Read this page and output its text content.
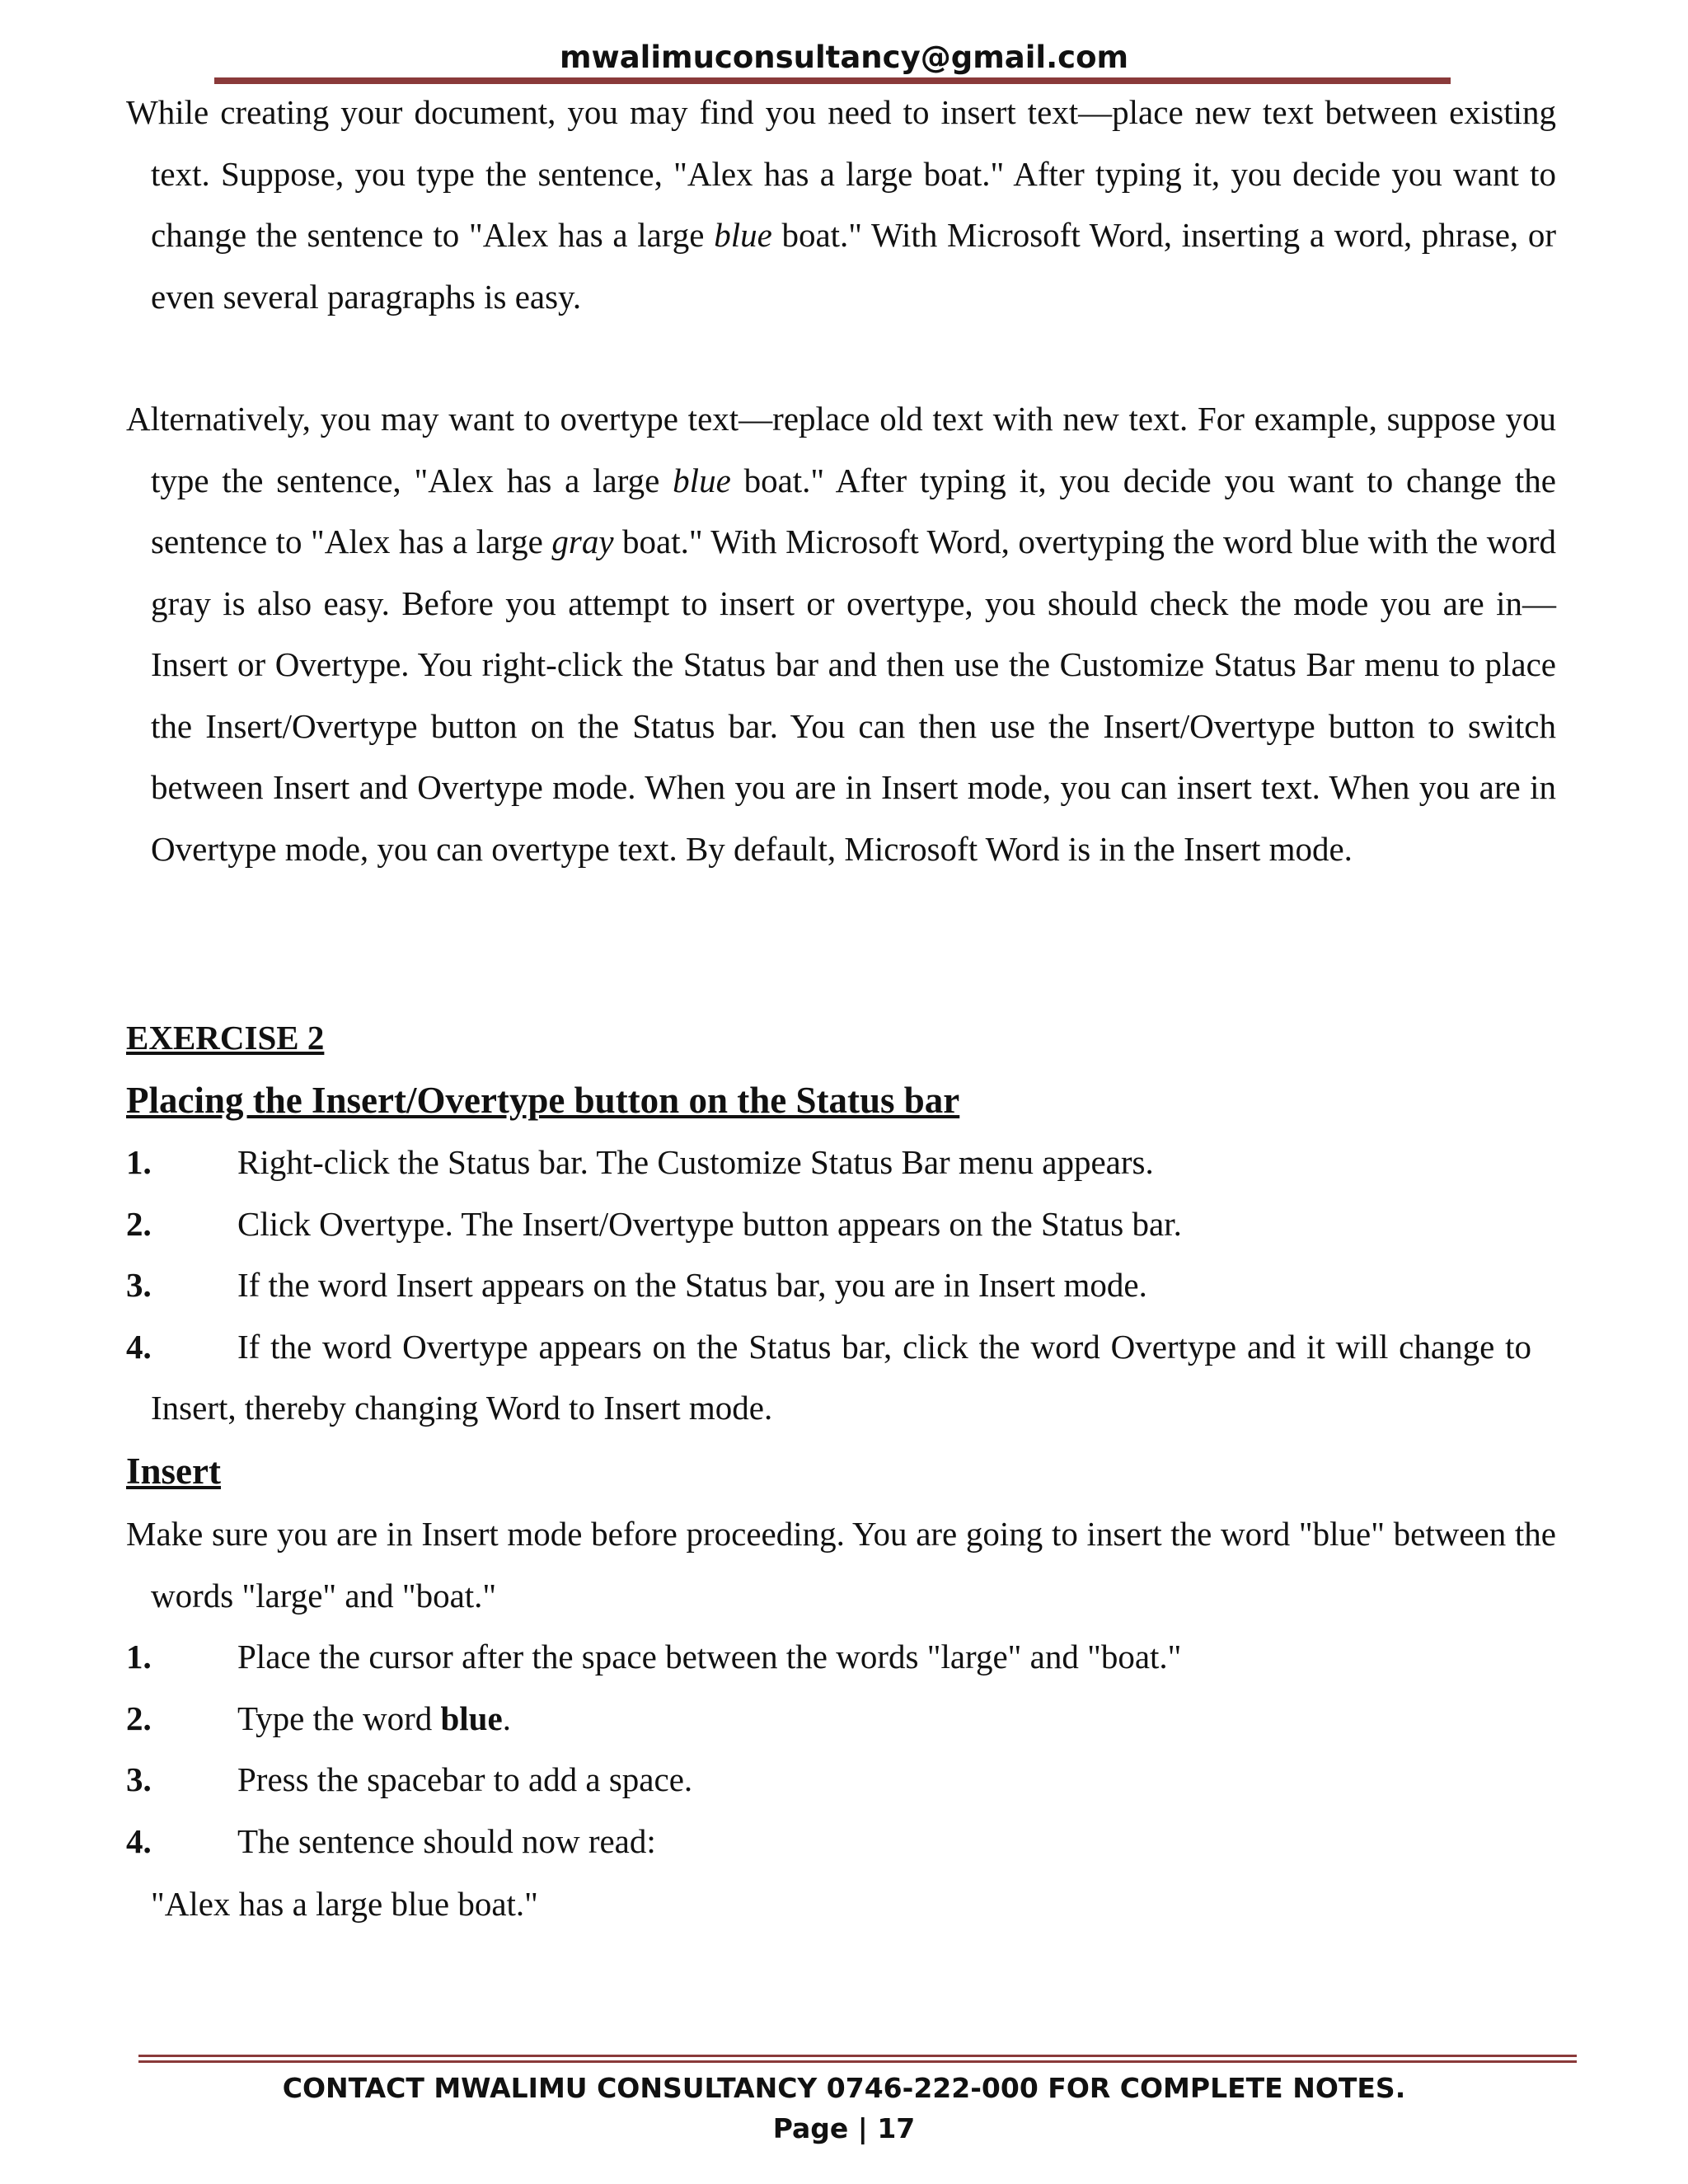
mwalimuconsultancy@gmail.com

While creating your document, you may find you need to insert text—place new text between existing text. Suppose, you type the sentence, "Alex has a large boat." After typing it, you decide you want to change the sentence to "Alex has a large blue boat." With Microsoft Word, inserting a word, phrase, or even several paragraphs is easy.

Alternatively, you may want to overtype text—replace old text with new text. For example, suppose you type the sentence, "Alex has a large blue boat." After typing it, you decide you want to change the sentence to "Alex has a large gray boat." With Microsoft Word, overtyping the word blue with the word gray is also easy. Before you attempt to insert or overtype, you should check the mode you are in—Insert or Overtype. You right-click the Status bar and then use the Customize Status Bar menu to place the Insert/Overtype button on the Status bar. You can then use the Insert/Overtype button to switch between Insert and Overtype mode. When you are in Insert mode, you can insert text. When you are in Overtype mode, you can overtype text. By default, Microsoft Word is in the Insert mode.

EXERCISE 2
Placing the Insert/Overtype button on the Status bar
1.	Right-click the Status bar. The Customize Status Bar menu appears.
2.	Click Overtype. The Insert/Overtype button appears on the Status bar.
3.	If the word Insert appears on the Status bar, you are in Insert mode.
4.	If the word Overtype appears on the Status bar, click the word Overtype and it will change to Insert, thereby changing Word to Insert mode.
Insert

Make sure you are in Insert mode before proceeding. You are going to insert the word "blue" between the words "large" and "boat."

1.	Place the cursor after the space between the words "large" and "boat."
2.	Type the word blue.
3.	Press the spacebar to add a space.
4.	The sentence should now read:
"Alex has a large blue boat."
CONTACT MWALIMU CONSULTANCY 0746-222-000 FOR COMPLETE NOTES.
Page | 17
